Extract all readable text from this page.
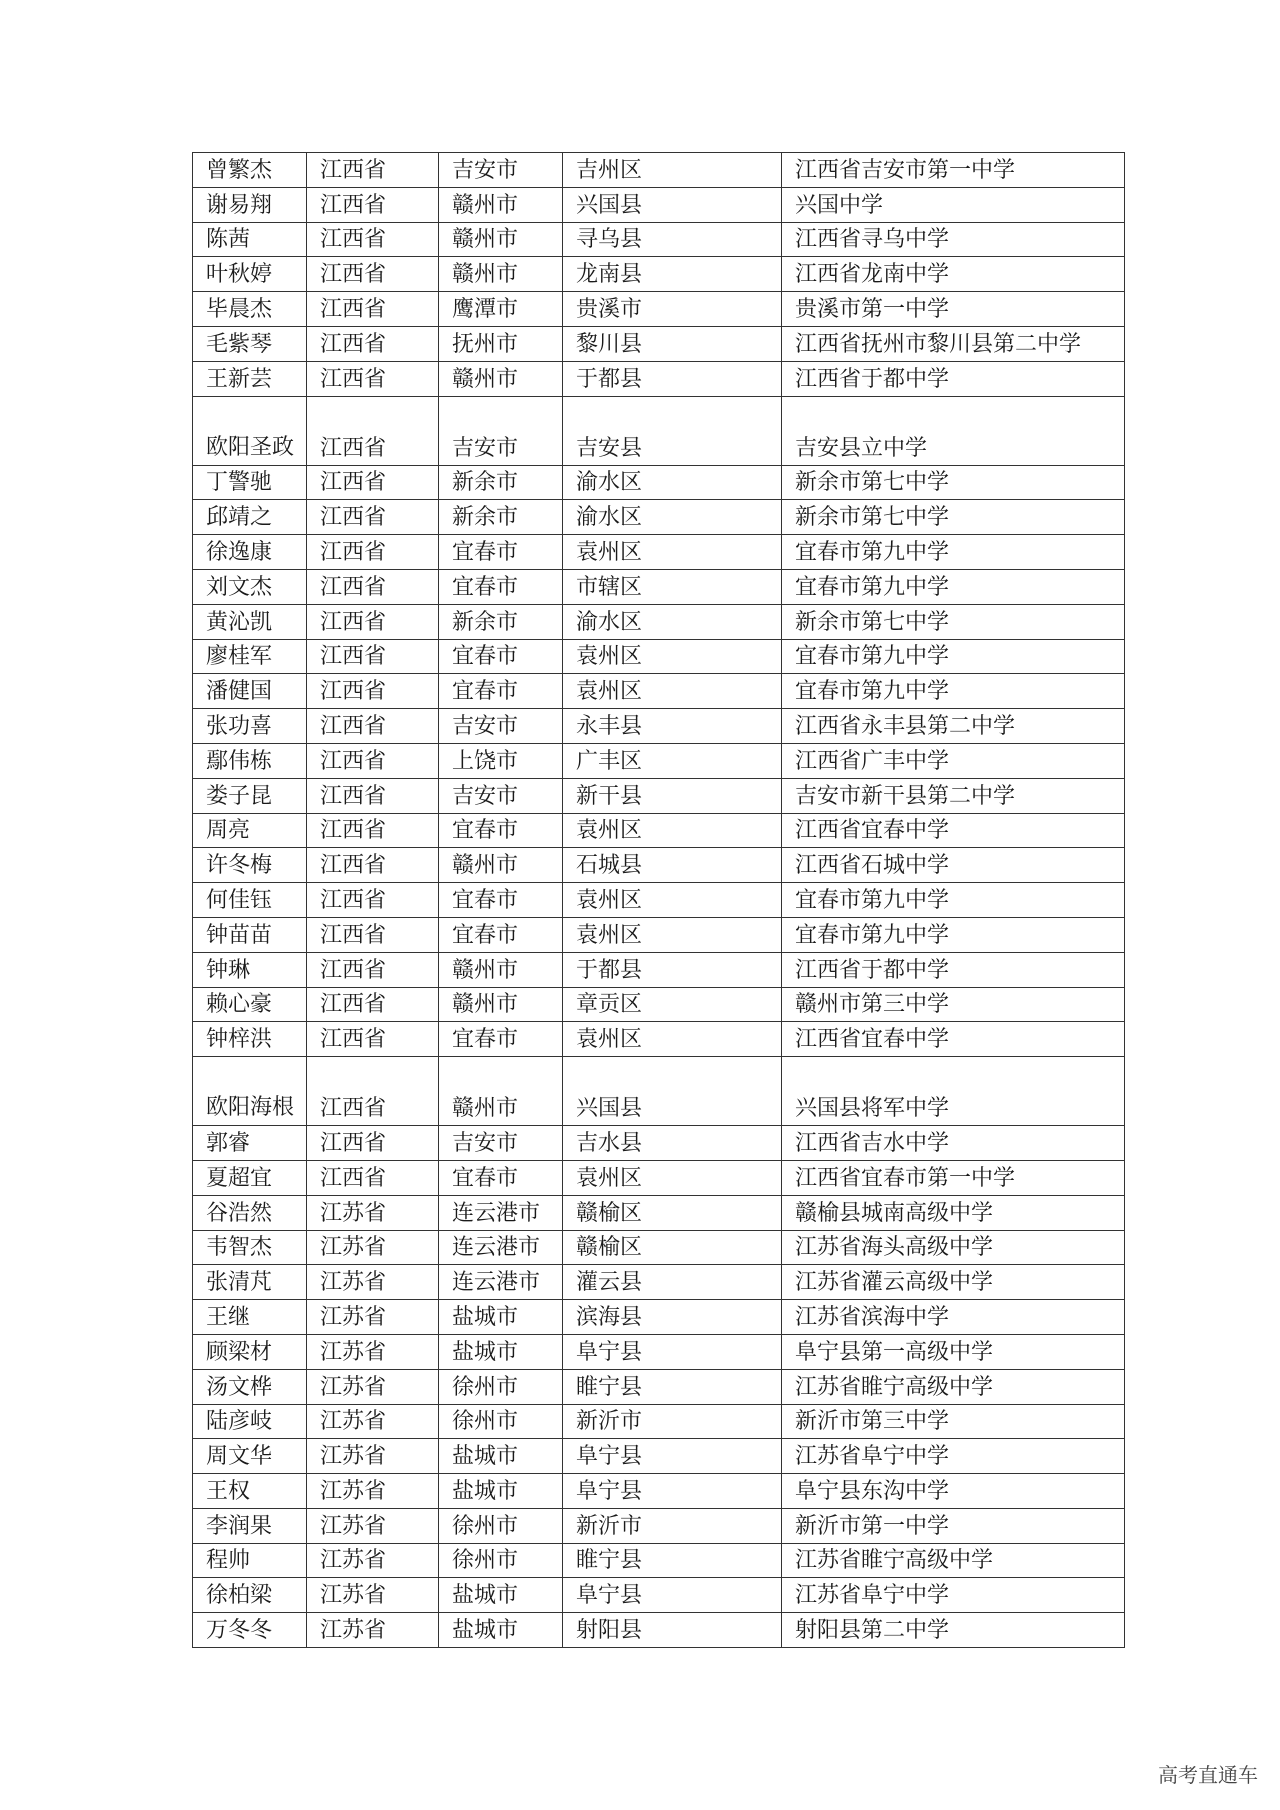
曾繁杰	江西省	吉安市	吉州区	江西省吉安市第一中学
谢易翔	江西省	赣州市	兴国县	兴国中学
陈茜	江西省	赣州市	寻乌县	江西省寻乌中学
叶秋婷	江西省	赣州市	龙南县	江西省龙南中学
毕晨杰	江西省	鹰潭市	贵溪市	贵溪市第一中学
毛紫琴	江西省	抚州市	黎川县	江西省抚州市黎川县第二中学
王新芸	江西省	赣州市	于都县	江西省于都中学
欧阳圣政	江西省	吉安市	吉安县	吉安县立中学
丁警驰	江西省	新余市	渝水区	新余市第七中学
邱靖之	江西省	新余市	渝水区	新余市第七中学
徐逸康	江西省	宜春市	袁州区	宜春市第九中学
刘文杰	江西省	宜春市	市辖区	宜春市第九中学
黄沁凯	江西省	新余市	渝水区	新余市第七中学
廖桂军	江西省	宜春市	袁州区	宜春市第九中学
潘健国	江西省	宜春市	袁州区	宜春市第九中学
张功喜	江西省	吉安市	永丰县	江西省永丰县第二中学
鄢伟栋	江西省	上饶市	广丰区	江西省广丰中学
娄子昆	江西省	吉安市	新干县	吉安市新干县第二中学
周亮	江西省	宜春市	袁州区	江西省宜春中学
许冬梅	江西省	赣州市	石城县	江西省石城中学
何佳钰	江西省	宜春市	袁州区	宜春市第九中学
钟苗苗	江西省	宜春市	袁州区	宜春市第九中学
钟琳	江西省	赣州市	于都县	江西省于都中学
赖心豪	江西省	赣州市	章贡区	赣州市第三中学
钟梓洪	江西省	宜春市	袁州区	江西省宜春中学
欧阳海根	江西省	赣州市	兴国县	兴国县将军中学
郭睿	江西省	吉安市	吉水县	江西省吉水中学
夏超宜	江西省	宜春市	袁州区	江西省宜春市第一中学
谷浩然	江苏省	连云港市	赣榆区	赣榆县城南高级中学
韦智杰	江苏省	连云港市	赣榆区	江苏省海头高级中学
张清芃	江苏省	连云港市	灌云县	江苏省灌云高级中学
王继	江苏省	盐城市	滨海县	江苏省滨海中学
顾梁材	江苏省	盐城市	阜宁县	阜宁县第一高级中学
汤文桦	江苏省	徐州市	睢宁县	江苏省睢宁高级中学
陆彦岐	江苏省	徐州市	新沂市	新沂市第三中学
周文华	江苏省	盐城市	阜宁县	江苏省阜宁中学
王权	江苏省	盐城市	阜宁县	阜宁县东沟中学
李润果	江苏省	徐州市	新沂市	新沂市第一中学
程帅	江苏省	徐州市	睢宁县	江苏省睢宁高级中学
徐柏梁	江苏省	盐城市	阜宁县	江苏省阜宁中学
万冬冬	江苏省	盐城市	射阳县	射阳县第二中学
高考直通车
